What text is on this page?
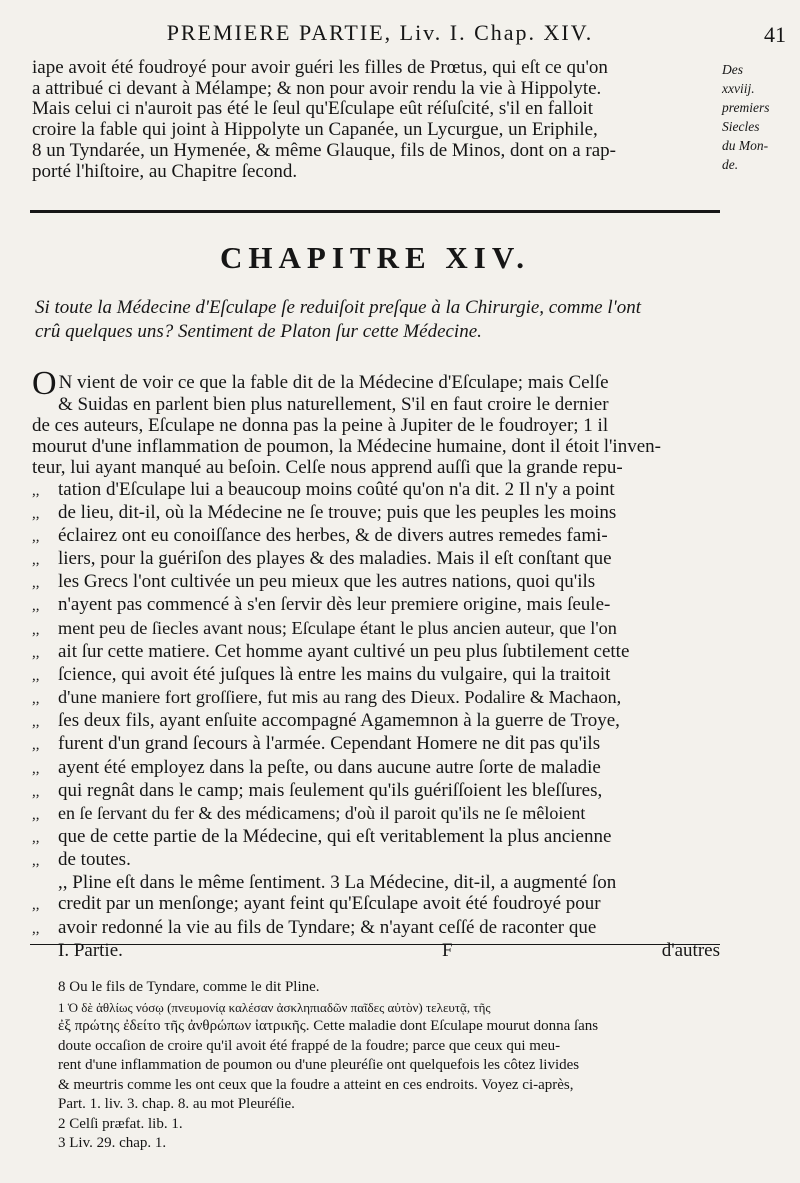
PREMIERE PARTIE, Liv. I. Chap. XIV.	41
iape avoit été foudroyé pour avoir guéri les filles de Prœtus, qui eſt ce qu'on
a attribué ci devant à Mélampe; & non pour avoir rendu la vie à Hippolyte.
Mais celui ci n'auroit pas été le ſeul qu'Eſculape eût réſuſcité, s'il en falloit
croire la fable qui joint à Hippolyte un Capanée, un Lycurgue, un Eriphile,
8 un Tyndarée, un Hymenée, & même Glauque, fils de Minos, dont on a rap-
porté l'hiſtoire, au Chapitre ſecond.
Des
xxviij.
premiers
Siecles
du Mon-
de.
CHAPITRE XIV.
Si toute la Médecine d'Eſculape ſe reduiſoit preſque à la Chirurgie, comme l'ont
crû quelques uns? Sentiment de Platon ſur cette Médecine.
O N vient de voir ce que la fable dit de la Médecine d'Eſculape; mais Celſe
& Suidas en parlent bien plus naturellement, S'il en faut croire le dernier
de ces auteurs, Eſculape ne donna pas la peine à Jupiter de le foudroyer; 1 il
mourut d'une inflammation de poumon, la Médecine humaine, dont il étoit l'inven-
teur, lui ayant manqué au beſoin. Celſe nous apprend auſſi que la grande repu-
,, tation d'Eſculape lui a beaucoup moins coûté qu'on n'a dit. 2 Il n'y a point
,, de lieu, dit-il, où la Médecine ne ſe trouve; puis que les peuples les moins
,, éclairez ont eu conoiſſance des herbes, & de divers autres remedes fami-
,, liers, pour la guériſon des playes & des maladies. Mais il eſt conſtant que
,, les Grecs l'ont cultivée un peu mieux que les autres nations, quoi qu'ils
,, n'ayent pas commencé à s'en ſervir dès leur premiere origine, mais ſeule-
,, ment peu de ſiecles avant nous; Eſculape étant le plus ancien auteur, que l'on
,, ait ſur cette matiere. Cet homme ayant cultivé un peu plus ſubtilement cette
,, ſcience, qui avoit été juſques là entre les mains du vulgaire, qui la traitoit
,, d'une maniere fort groſſiere, fut mis au rang des Dieux. Podalire & Machaon,
,, ſes deux fils, ayant enſuite accompagné Agamemnon à la guerre de Troye,
,, furent d'un grand ſecours à l'armée. Cependant Homere ne dit pas qu'ils
,, ayent été employez dans la peſte, ou dans aucune autre ſorte de maladie
,, qui regnât dans le camp; mais ſeulement qu'ils guériſſoient les bleſſures,
,, en ſe ſervant du fer & des médicamens; d'où il paroit qu'ils ne ſe mêloient
,, que de cette partie de la Médecine, qui eſt veritablement la plus ancienne
,, de toutes.
,, Pline eſt dans le même ſentiment. 3 La Médecine, dit-il, a augmenté ſon
,, credit par un menſonge; ayant feint qu'Eſculape avoit été foudroyé pour
,, avoir redonné la vie au fils de Tyndare; & n'ayant ceſſé de raconter que
I. Partie.	F	d'autres
8 Ou le fils de Tyndare, comme le dit Pline.
1 Ὁ δὲ ἀθλίως νόσῳ (πνευμονίᾳ καλέσαν ἀσκληπιαδῶν παῖδες αὐτὸν) τελευτᾷ, τῆς
ἐξ πρώτης ἐδείτο τῆς ἀνθρώπων ἰατρικῆς. Cette maladie dont Eſculape mourut donna ſans
doute occaſion de croire qu'il avoit été frappé de la foudre; parce que ceux qui meu-
rent d'une inflammation de poumon ou d'une pleuréſie ont quelquefois les côtez livides
& meurtris comme les ont ceux que la foudre a atteint en ces endroits. Voyez ci-après,
Part. 1. liv. 3. chap. 8. au mot Pleuréſie.
2 Celſi præfat. lib. 1.
3 Liv. 29. chap. 1.
